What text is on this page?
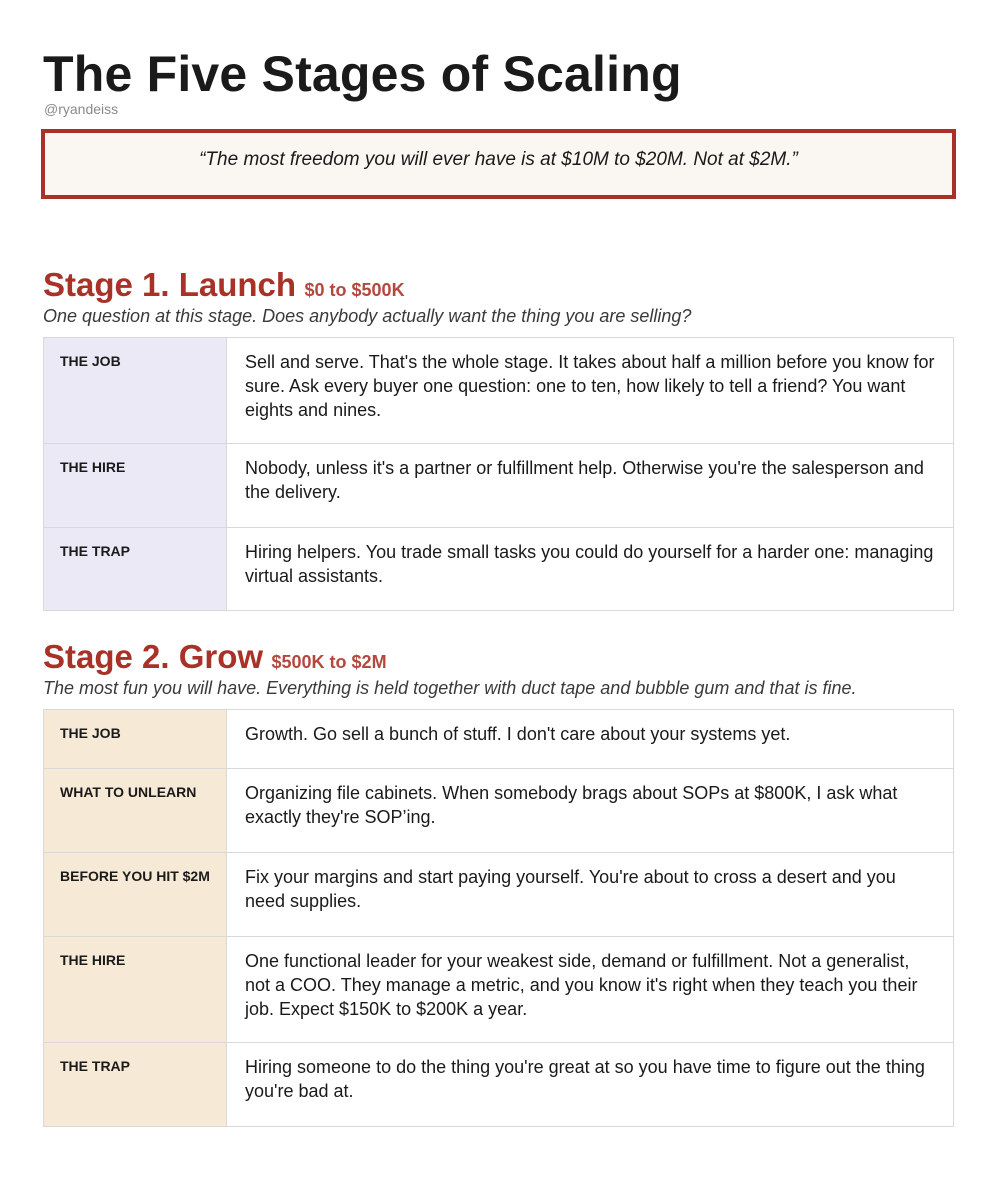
The Five Stages of Scaling
@ryandeiss
“The most freedom you will ever have is at $10M to $20M. Not at $2M.”
Stage 1. Launch $0 to $500K
One question at this stage. Does anybody actually want the thing you are selling?
THE JOB	Sell and serve. That's the whole stage. It takes about half a million before you know for sure. Ask every buyer one question: one to ten, how likely to tell a friend? You want eights and nines.
THE HIRE	Nobody, unless it's a partner or fulfillment help. Otherwise you're the salesperson and the delivery.
THE TRAP	Hiring helpers. You trade small tasks you could do yourself for a harder one: managing virtual assistants.
Stage 2. Grow $500K to $2M
The most fun you will have. Everything is held together with duct tape and bubble gum and that is fine.
THE JOB	Growth. Go sell a bunch of stuff. I don't care about your systems yet.
WHAT TO UNLEARN	Organizing file cabinets. When somebody brags about SOPs at $800K, I ask what exactly they're SOP’ing.
BEFORE YOU HIT $2M	Fix your margins and start paying yourself. You're about to cross a desert and you need supplies.
THE HIRE	One functional leader for your weakest side, demand or fulfillment. Not a generalist, not a COO. They manage a metric, and you know it's right when they teach you their job. Expect $150K to $200K a year.
THE TRAP	Hiring someone to do the thing you're great at so you have time to figure out the thing you're bad at.
